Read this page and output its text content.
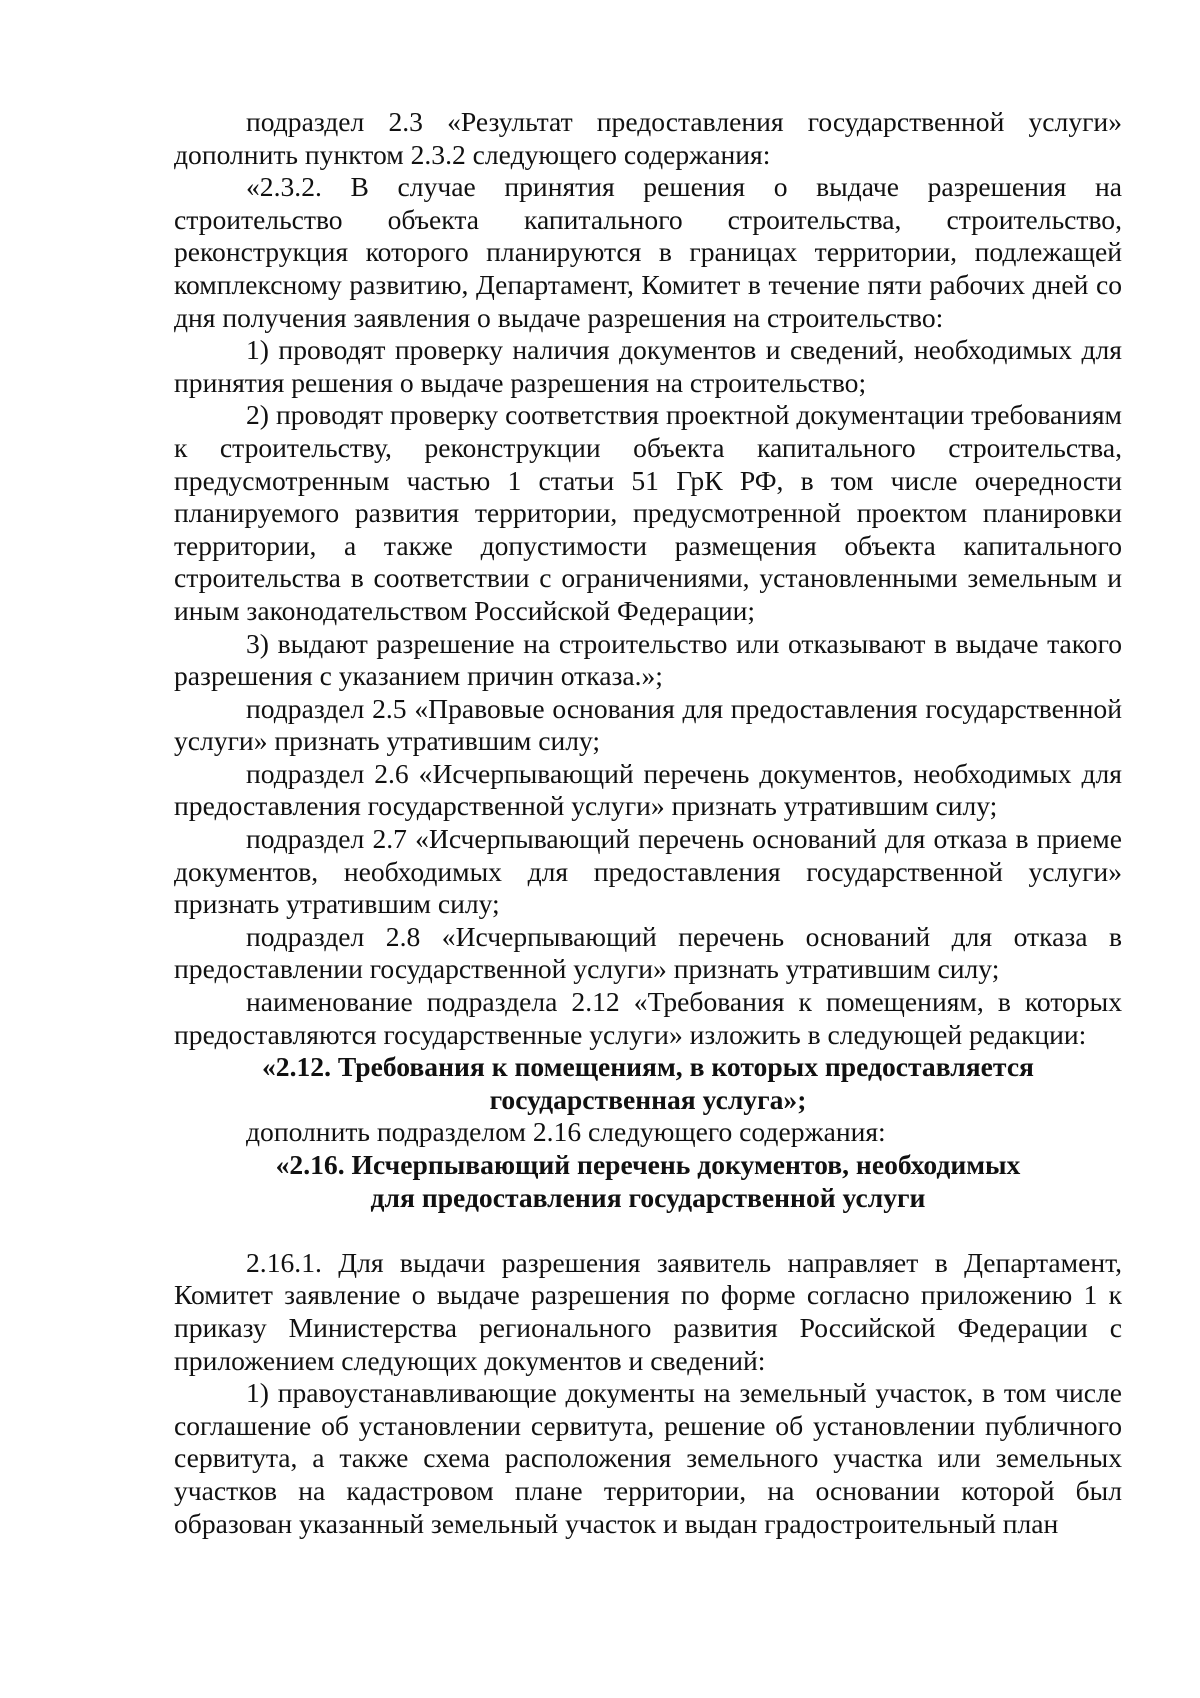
подраздел 2.3 «Результат предоставления государственной услуги» дополнить пунктом 2.3.2 следующего содержания:

«2.3.2. В случае принятия решения о выдаче разрешения на строительство объекта капитального строительства, строительство, реконструкция которого планируются в границах территории, подлежащей комплексному развитию, Департамент, Комитет в течение пяти рабочих дней со дня получения заявления о выдаче разрешения на строительство:

1) проводят проверку наличия документов и сведений, необходимых для принятия решения о выдаче разрешения на строительство;

2) проводят проверку соответствия проектной документации требованиям к строительству, реконструкции объекта капитального строительства, предусмотренным частью 1 статьи 51 ГрК РФ, в том числе очередности планируемого развития территории, предусмотренной проектом планировки территории, а также допустимости размещения объекта капитального строительства в соответствии с ограничениями, установленными земельным и иным законодательством Российской Федерации;

3) выдают разрешение на строительство или отказывают в выдаче такого разрешения с указанием причин отказа.»;

подраздел 2.5 «Правовые основания для предоставления государственной услуги» признать утратившим силу;

подраздел 2.6 «Исчерпывающий перечень документов, необходимых для предоставления государственной услуги» признать утратившим силу;

подраздел 2.7 «Исчерпывающий перечень оснований для отказа в приеме документов, необходимых для предоставления государственной услуги» признать утратившим силу;

подраздел 2.8 «Исчерпывающий перечень оснований для отказа в предоставлении государственной услуги» признать утратившим силу;

наименование подраздела 2.12 «Требования к помещениям, в которых предоставляются государственные услуги» изложить в следующей редакции:

«2.12. Требования к помещениям, в которых предоставляется
государственная услуга»;

дополнить подразделом 2.16 следующего содержания:

«2.16. Исчерпывающий перечень документов, необходимых
для предоставления государственной услуги

2.16.1. Для выдачи разрешения заявитель направляет в Департамент, Комитет заявление о выдаче разрешения по форме согласно приложению 1 к приказу Министерства регионального развития Российской Федерации с приложением следующих документов и сведений:

1) правоустанавливающие документы на земельный участок, в том числе соглашение об установлении сервитута, решение об установлении публичного сервитута, а также схема расположения земельного участка или земельных участков на кадастровом плане территории, на основании которой был образован указанный земельный участок и выдан градостроительный план
